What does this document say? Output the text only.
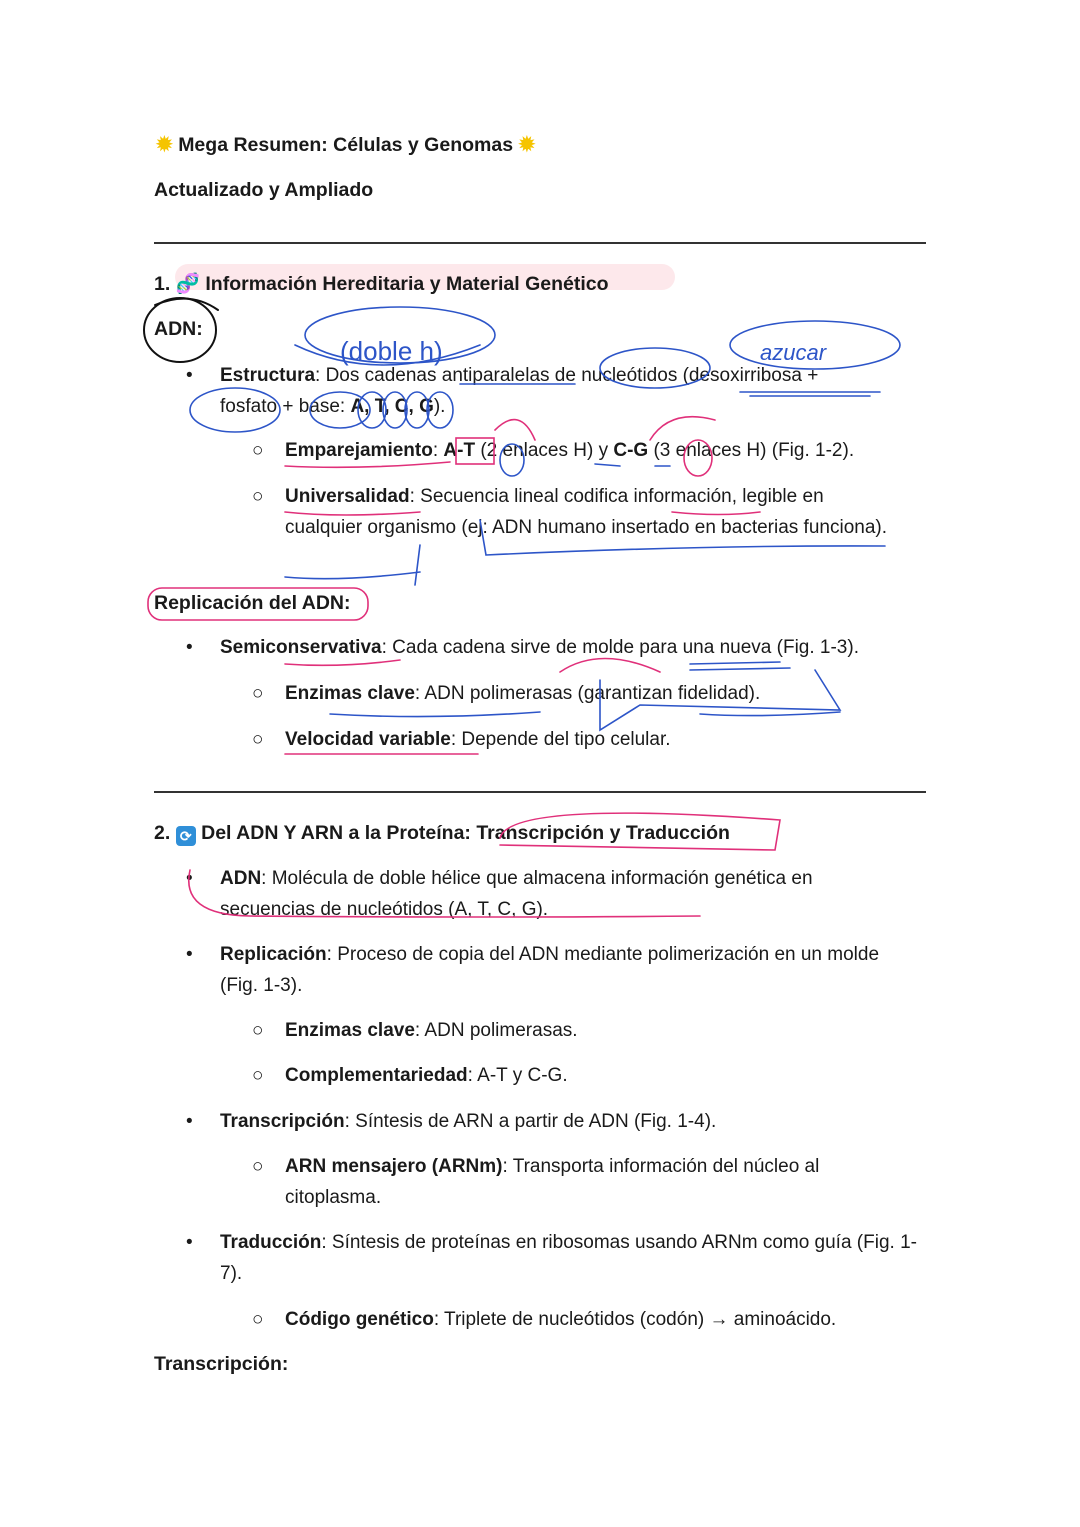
✹ Mega Resumen: Células y Genomas ✹
Actualizado y Ampliado
1. 🧬 Información Hereditaria y Material Genético
ADN:
• Estructura: Dos cadenas antiparalelas de nucleótidos (desoxirribosa +
fosfato + base: A, T, C, G).
○ Emparejamiento: A-T (2 enlaces H) y C-G (3 enlaces H) (Fig. 1-2).
○ Universalidad: Secuencia lineal codifica información, legible en cualquier organismo (ej: ADN humano insertado en bacterias funciona).
Replicación del ADN:
• Semiconservativa: Cada cadena sirve de molde para una nueva (Fig. 1-3).
○ Enzimas clave: ADN polimerasas (garantizan fidelidad).
○ Velocidad variable: Depende del tipo celular.
2. ⟳ Del ADN Y ARN a la Proteína: Transcripción y Traducción
• ADN: Molécula de doble hélice que almacena información genética en secuencias de nucleótidos (A, T, C, G).
• Replicación: Proceso de copia del ADN mediante polimerización en un molde (Fig. 1-3).
○ Enzimas clave: ADN polimerasas.
○ Complementariedad: A-T y C-G.
• Transcripción: Síntesis de ARN a partir de ADN (Fig. 1-4).
○ ARN mensajero (ARNm): Transporta información del núcleo al citoplasma.
• Traducción: Síntesis de proteínas en ribosomas usando ARNm como guía (Fig. 1-7).
○ Código genético: Triplete de nucleótidos (codón) → aminoácido.
Transcripción:
(doble h)	azucar
